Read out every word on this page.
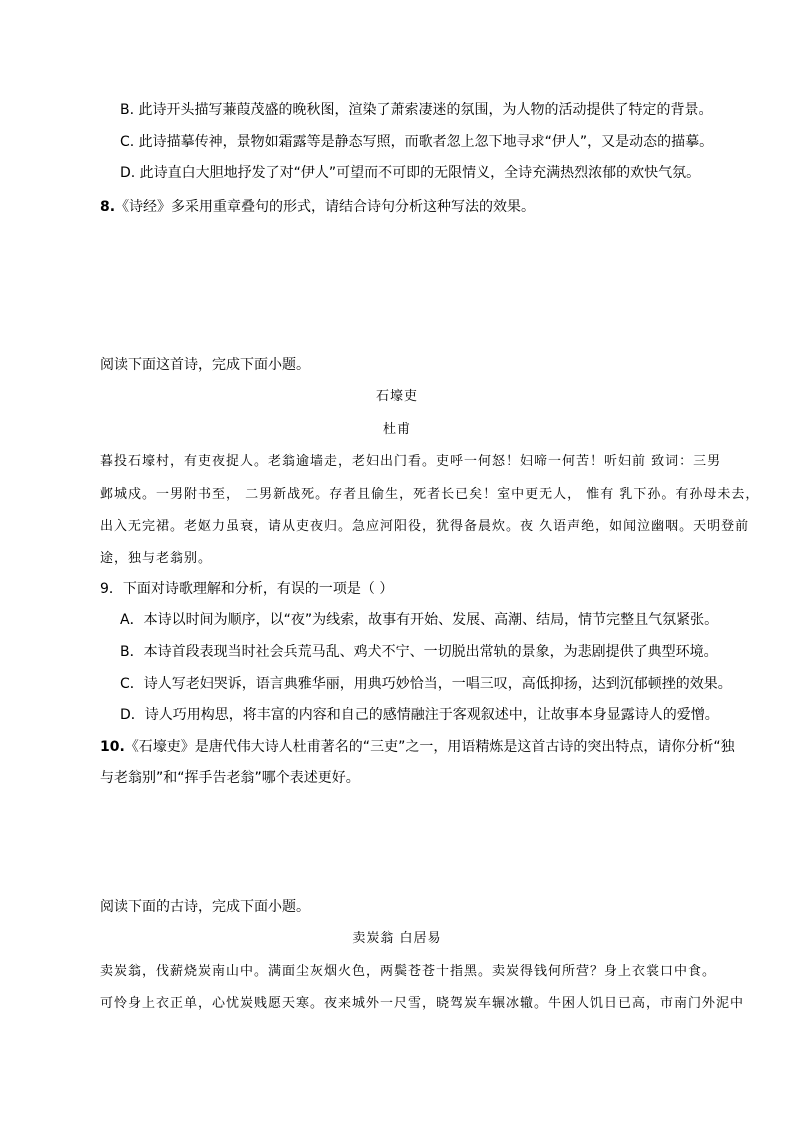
B. 此诗开头描写蒹葭茂盛的晚秋图，渲染了萧索凄迷的氛围，为人物的活动提供了特定的背景。
C. 此诗描摹传神，景物如霜露等是静态写照，而歌者忽上忽下地寻求“伊人”，又是动态的描摹。
D. 此诗直白大胆地抒发了对“伊人”可望而不可即的无限情义，全诗充满热烈浓郁的欢快气氛。
8.《诗经》多采用重章叠句的形式，请结合诗句分析这种写法的效果。
阅读下面这首诗，完成下面小题。
石壕吏
杜甫
暮投石壕村，有吏夜捉人。老翁逾墙走，老妇出门看。吏呼一何怒！妇啼一何苦！听妇前 致词：三男
邺城戍。一男附书至， 二男新战死。存者且偷生，死者长已矣！室中更无人， 惟有 乳下孙。有孙母未去，
出入无完裙。老妪力虽衰，请从吏夜归。急应河阳役，犹得备晨炊。夜 久语声绝，如闻泣幽咽。天明登前
途，独与老翁别。
9．下面对诗歌理解和分析，有误的一项是（ ）
A．本诗以时间为顺序，以“夜”为线索，故事有开始、发展、高潮、结局，情节完整且气氛紧张。
B．本诗首段表现当时社会兵荒马乱、鸡犬不宁、一切脱出常轨的景象，为悲剧提供了典型环境。
C．诗人写老妇哭诉，语言典雅华丽，用典巧妙恰当，一唱三叹，高低抑扬，达到沉郁顿挫的效果。
D．诗人巧用构思，将丰富的内容和自己的感情融注于客观叙述中，让故事本身显露诗人的爱憎。
10.《石壕吏》是唐代伟大诗人杜甫著名的“三吏”之一，用语精炼是这首古诗的突出特点，请你分析“独
与老翁别”和“挥手告老翁”哪个表述更好。
阅读下面的古诗，完成下面小题。
卖炭翁 白居易
卖炭翁，伐薪烧炭南山中。满面尘灰烟火色，两鬓苍苍十指黑。卖炭得钱何所营？身上衣裳口中食。
可怜身上衣正单，心忧炭贱愿天寒。夜来城外一尺雪，晓驾炭车辗冰辙。牛困人饥日已高，市南门外泥中
